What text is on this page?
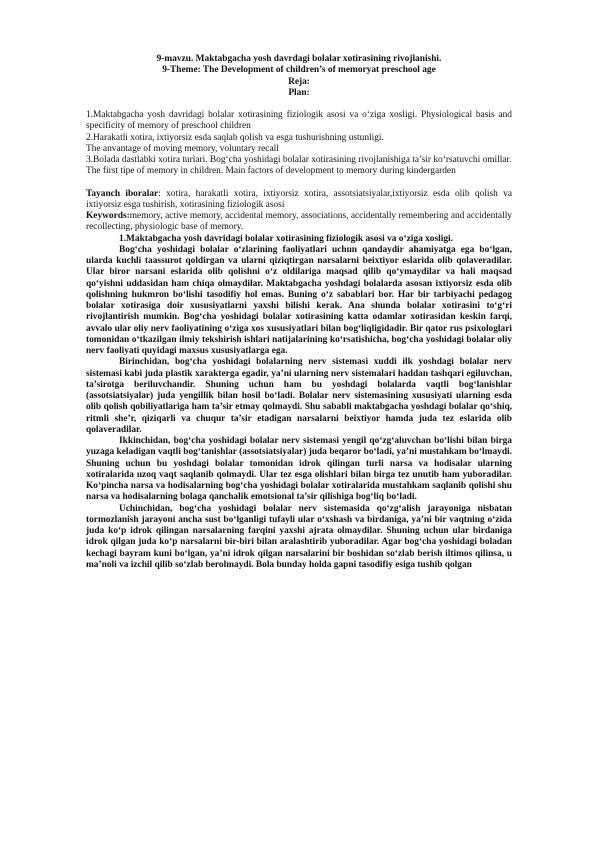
9-mavzu. Maktabgacha yosh davrdagi bolalar xotirasining rivojlanishi.
9-Theme: The Development of children’s of memoryat preschool age
Reja:
Plan:

1.Maktabgacha yosh davridagi bolalar xotirasining fiziologik asosi va o‘ziga xosligi. Physiological basis and specificity of memory of preschool children

2.Harakatli xotira, ixtiyorsiz esda saqlab qolish va esga tushurishning ustunligi.

The anvantage of moving memory, voluntary recall

3.Bolada dastlabki xotira turlari. Bog‘cha yoshidagi bolalar xotirasining rivojlanishiga ta’sir ko‘rsatuvchi omillar.

The first tipe of memory in children. Main factors of development to memory during kindergarden

Tayanch iboralar: xotira, harakatli xotira, ixtiyorsiz xotira, assotsiatsiyalar,ixtiyorsiz esda olib qolish va ixtiyorsiz esga tushirish, xotirasining fiziologik asosi

Keywords:memory, active memory, accidental memory, associations, accidentally remembering and accidentally recollecting, physiologic base of memory.

1.Maktabgacha yosh davridagi bolalar xotirasining fiziologik asosi va o‘ziga xosligi.

Bog‘cha yoshidagi bolalar o‘zlarining faoliyatlari uchun qandaydir ahamiyatga ega bo‘lgan, ularda kuchli taassurot qoldirgan va ularni qiziqtirgan narsalarni beixtiyor eslarida olib qolaveradilar. Ular biror narsani eslarida olib qolishni o‘z oldilariga maqsad qilib qo‘ymaydilar va hali maqsad qo‘yishni uddasidan ham chiqa olmaydilar. Maktabgacha yoshdagi bolalarda asosan ixtiyorsiz esda olib qolishning hukmron bo‘lishi tasodifiy hol emas. Buning o‘z sabablari bor. Har bir tarbiyachi pedagog bolalar xotirasiga doir xususiyatlarni yaxshi bilishi kerak. Ana shunda bolalar xotirasini to‘g‘ri rivojlantirish mumkin. Bog‘cha yoshidagi bolalar xotirasining katta odamlar xotirasidan keskin farqi, avvalo ular oliy nerv faoliyatining o‘ziga xos xususiyatlari bilan bog‘liqligidadir. Bir qator rus psixologlari tomonidan o‘tkazilgan ilmiy tekshirish ishlari natijalarining ko‘rsatishicha, bog‘cha yoshidagi bolalar oliy nerv faoliyati quyidagi maxsus xususiyatlarga ega.

Birinchidan, bog‘cha yoshidagi bolalarning nerv sistemasi xuddi ilk yoshdagi bolalar nerv sistemasi kabi juda plastik xarakterga egadir, ya’ni ularning nerv sistemalari haddan tashqari egiluvchan, ta’sirotga beriluvchandir. Shuning uchun ham bu yoshdagi bolalarda vaqtli bog‘lanishlar (assotsiatsiyalar) juda yengillik bilan hosil bo‘ladi. Bolalar nerv sistemasining xususiyati ularning esda olib qolish qobiliyatlariga ham ta’sir etmay qolmaydi. Shu sababli maktabgacha yoshdagi bolalar qo‘shiq, ritmli she’r, qiziqarli va chuqur ta’sir etadigan narsalarni beixtiyor hamda juda tez eslarida olib qolaveradilar.

Ikkinchidan, bog‘cha yoshidagi bolalar nerv sistemasi yengil qo‘zg‘aluvchan bo‘lishi bilan birga yuzaga keladigan vaqtli bog‘tanishlar (assotsiatsiyalar) juda beqaror bo‘ladi, ya’ni mustahkam bo‘lmaydi. Shuning uchun bu yoshdagi bolalar tomonidan idrok qilingan turli narsa va hodisalar ularning xotiralarida uzoq vaqt saqlanib qolmaydi. Ular tez esga olishlari bilan birga tez unutib ham yuboradilar. Ko‘pincha narsa va hodisalarning bog‘cha yoshidagi bolalar xotiralarida mustahkam saqlanib qolishi shu narsa va hodisalarning bolaga qanchalik emotsional ta’sir qilishiga bog‘liq bo‘ladi.

Uchinchidan, bog‘cha yoshidagi bolalar nerv sistemasida qo‘zg‘alish jarayoniga nisbatan tormozlanish jarayoni ancha sust bo‘lganligi tufayli ular o‘xshash va birdaniga, ya’ni bir vaqtning o‘zida juda ko‘p idrok qilingan narsalarning farqini yaxshi ajrata olmaydilar. Shuning uchun ular birdaniga idrok qilgan juda ko‘p narsalarni bir-biri bilan aralashtirib yuboradilar. Agar bog‘cha yoshidagi boladan kechagi bayram kuni bo‘lgan, ya’ni idrok qilgan narsalarini bir boshidan so‘zlab berish iltimos qilinsa, u ma’noli va izchil qilib so‘zlab berolmaydi. Bola bunday holda gapni tasodifiy esiga tushib qolgan
